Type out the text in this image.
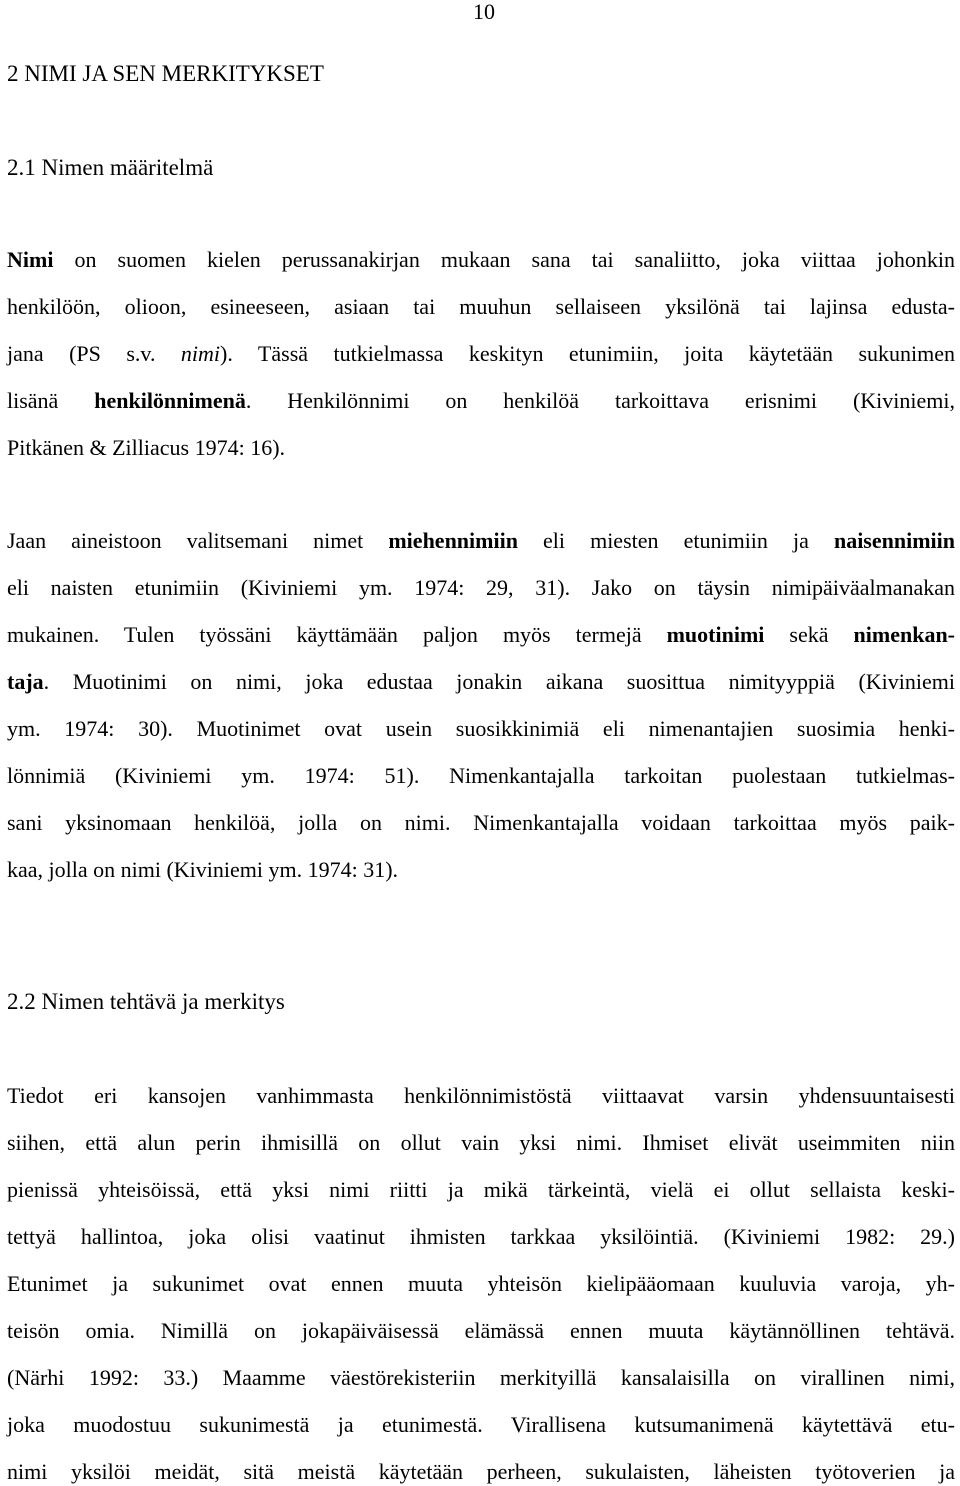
10
2 NIMI JA SEN MERKITYKSET
2.1 Nimen määritelmä
Nimi on suomen kielen perussanakirjan mukaan sana tai sanaliitto, joka viittaa johonkin
henkilöön, olioon, esineeseen, asiaan tai muuhun sellaiseen yksilönä tai lajinsa edusta-
jana (PS s.v. nimi). Tässä tutkielmassa keskityn etunimiin, joita käytetään sukunimen
lisänä henkilönnimenä. Henkilönnimi on henkilöä tarkoittava erisnimi (Kiviniemi,
Pitkänen & Zilliacus 1974: 16).
Jaan aineistoon valitsemani nimet miehennimiin eli miesten etunimiin ja naisennimiin
eli naisten etunimiin (Kiviniemi ym. 1974: 29, 31). Jako on täysin nimipäiväalmanakan
mukainen. Tulen työssäni käyttämään paljon myös termejä muotinimi sekä nimenkan-
taja. Muotinimi on nimi, joka edustaa jonakin aikana suosittua nimityyppiä (Kiviniemi
ym. 1974: 30). Muotinimet ovat usein suosikkinimiä eli nimenantajien suosimia henki-
lönnimiä (Kiviniemi ym. 1974: 51). Nimenkantajalla tarkoitan puolestaan tutkielmas-
sani yksinomaan henkilöä, jolla on nimi. Nimenkantajalla voidaan tarkoittaa myös paik-
kaa, jolla on nimi (Kiviniemi ym. 1974: 31).
2.2 Nimen tehtävä ja merkitys
Tiedot eri kansojen vanhimmasta henkilönnimistöstä viittaavat varsin yhdensuuntaisesti
siihen, että alun perin ihmisillä on ollut vain yksi nimi. Ihmiset elivät useimmiten niin
pienissä yhteisöissä, että yksi nimi riitti ja mikä tärkeintä, vielä ei ollut sellaista keski-
tettyä hallintoa, joka olisi vaatinut ihmisten tarkkaa yksilöintiä. (Kiviniemi 1982: 29.)
Etunimet ja sukunimet ovat ennen muuta yhteisön kielipääomaan kuuluvia varoja, yh-
teisön omia. Nimillä on jokapäiväisessä elämässä ennen muuta käytännöllinen tehtävä.
(Närhi 1992: 33.) Maamme väestörekisteriin merkityillä kansalaisilla on virallinen nimi,
joka muodostuu sukunimestä ja etunimestä. Virallisena kutsumanimenä käytettävä etu-
nimi yksilöi meidät, sitä meistä käytetään perheen, sukulaisten, läheisten työtoverien ja
